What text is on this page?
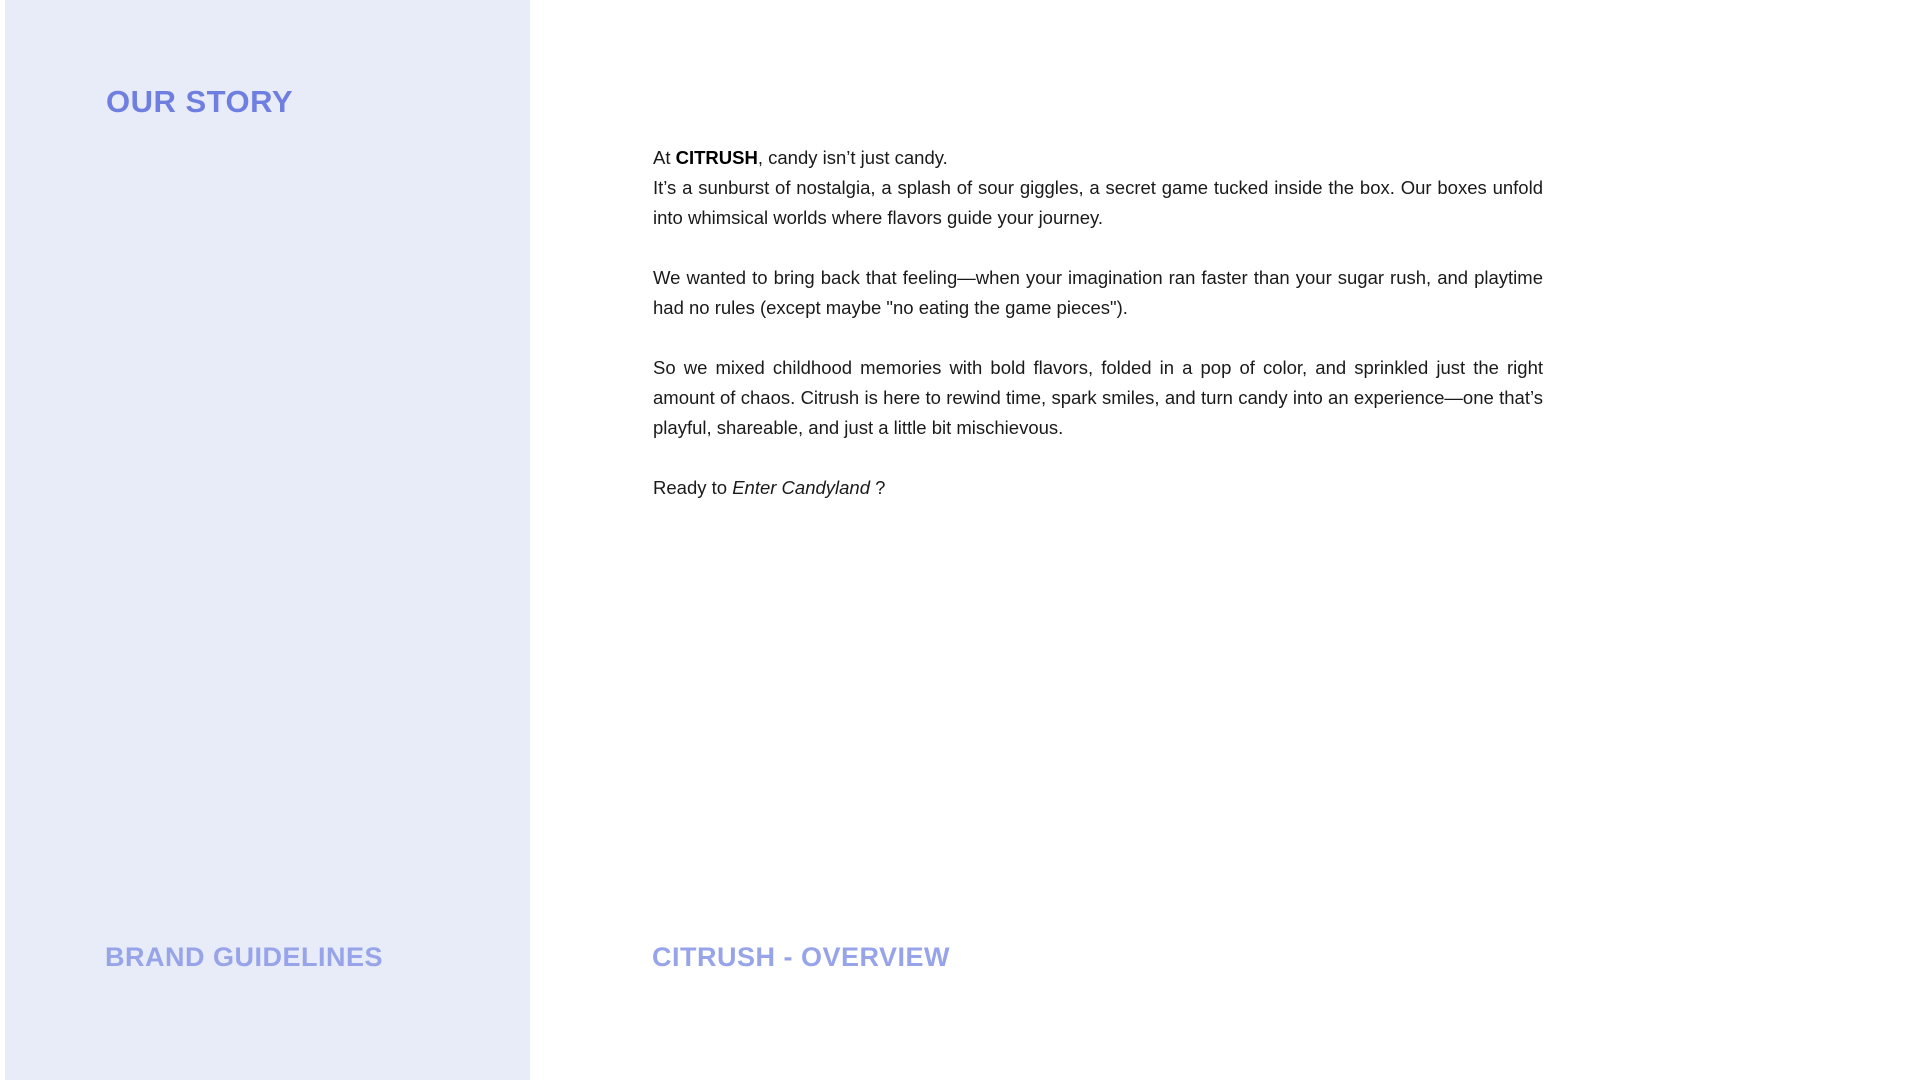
OUR STORY
BRAND GUIDELINES

At CITRUSH, candy isn’t just candy.

It’s a sunburst of nostalgia, a splash of sour giggles, a secret game tucked inside the box. Our boxes unfold into whimsical worlds where flavors guide your journey.

We wanted to bring back that feeling—when your imagination ran faster than your sugar rush, and playtime had no rules (except maybe "no eating the game pieces").

So we mixed childhood memories with bold flavors, folded in a pop of color, and sprinkled just the right amount of chaos. Citrush is here to rewind time, spark smiles, and turn candy into an experience—one that’s playful, shareable, and just a little bit mischievous.

Ready to Enter Candyland ?

CITRUSH - OVERVIEW
